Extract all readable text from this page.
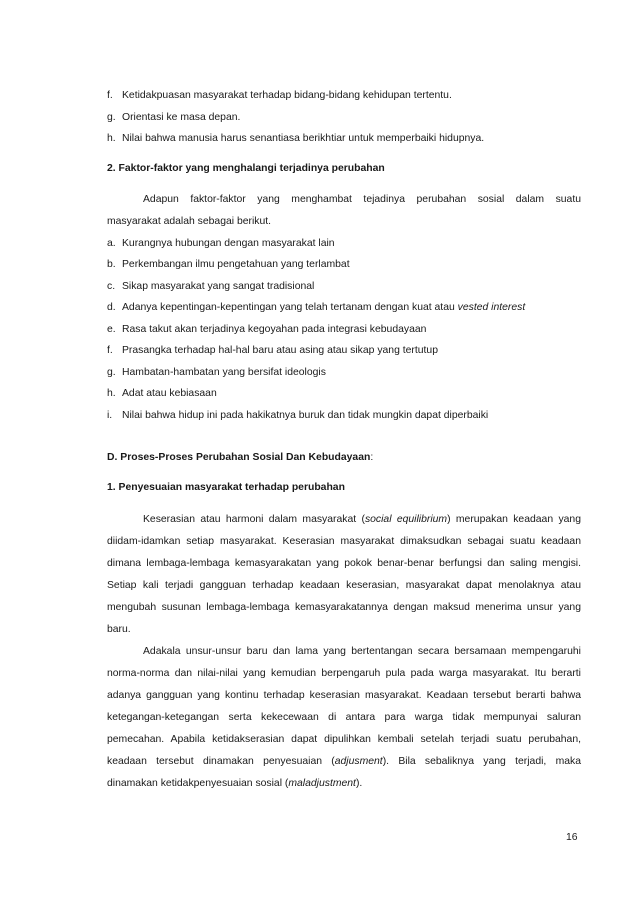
f. Ketidakpuasan masyarakat terhadap bidang-bidang kehidupan tertentu.
g. Orientasi ke masa depan.
h. Nilai bahwa manusia harus senantiasa berikhtiar untuk memperbaiki hidupnya.
2. Faktor-faktor yang menghalangi terjadinya perubahan
Adapun faktor-faktor yang menghambat tejadinya perubahan sosial dalam suatu
masyarakat adalah sebagai berikut.
a. Kurangnya hubungan dengan masyarakat lain
b. Perkembangan ilmu pengetahuan yang terlambat
c. Sikap masyarakat yang sangat tradisional
d. Adanya kepentingan-kepentingan yang telah tertanam dengan kuat atau vested interest
e. Rasa takut akan terjadinya kegoyahan pada integrasi kebudayaan
f. Prasangka terhadap hal-hal baru atau asing atau sikap yang tertutup
g. Hambatan-hambatan yang bersifat ideologis
h. Adat atau kebiasaan
i. Nilai bahwa hidup ini pada hakikatnya buruk dan tidak mungkin dapat diperbaiki
D. Proses-Proses Perubahan Sosial Dan Kebudayaan:
1. Penyesuaian masyarakat terhadap perubahan
Keserasian atau harmoni dalam masyarakat (social equilibrium) merupakan keadaan yang
diidam-idamkan setiap masyarakat. Keserasian masyarakat dimaksudkan sebagai suatu keadaan
dimana lembaga-lembaga kemasyarakatan yang pokok benar-benar berfungsi dan saling mengisi.
Setiap kali terjadi gangguan terhadap keadaan keserasian, masyarakat dapat menolaknya atau
mengubah susunan lembaga-lembaga kemasyarakatannya dengan maksud menerima unsur yang
baru.
Adakala unsur-unsur baru dan lama yang bertentangan secara bersamaan mempengaruhi
norma-norma dan nilai-nilai yang kemudian berpengaruh pula pada warga masyarakat. Itu berarti
adanya gangguan yang kontinu terhadap keserasian masyarakat. Keadaan tersebut berarti bahwa
ketegangan-ketegangan serta kekecewaan di antara para warga tidak mempunyai saluran
pemecahan. Apabila ketidakserasian dapat dipulihkan kembali setelah terjadi suatu perubahan,
keadaan tersebut dinamakan penyesuaian (adjusment). Bila sebaliknya yang terjadi, maka
dinamakan ketidakpenyesuaian sosial (maladjustment).
16
